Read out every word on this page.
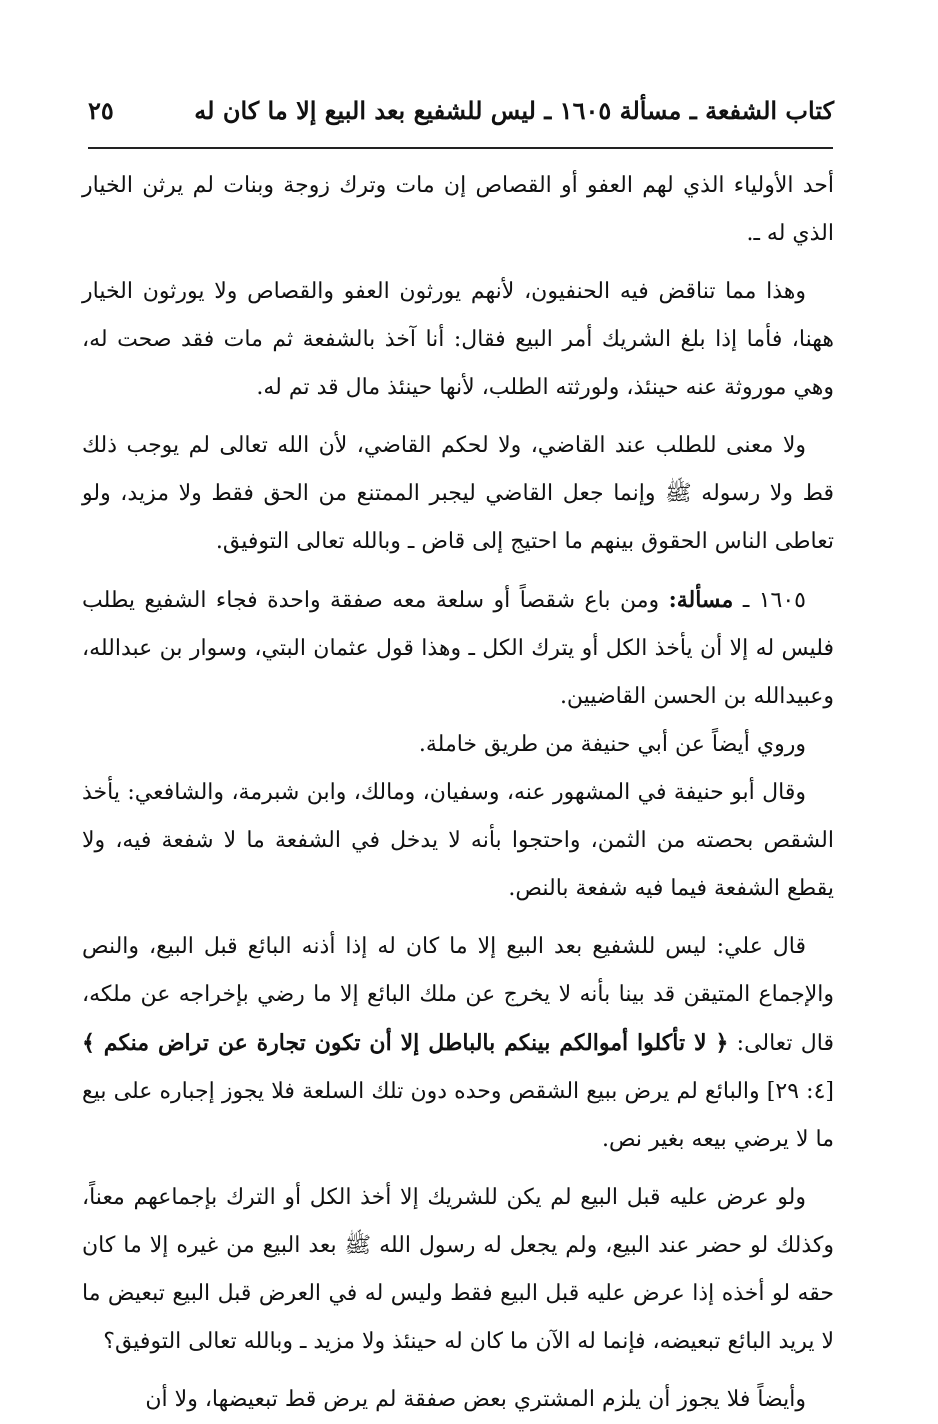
كتاب الشفعة ـ مسألة ١٦٠٥ ـ ليس للشفيع بعد البيع إلا ما كان له
٢٥

أحد الأولياء الذي لهم العفو أو القصاص إن مات وترك زوجة وبنات لم يرثن الخيار الذي له ـ.

وهذا مما تناقض فيه الحنفيون، لأنهم يورثون العفو والقصاص ولا يورثون الخيار ههنا، فأما إذا بلغ الشريك أمر البيع فقال: أنا آخذ بالشفعة ثم مات فقد صحت له، وهي موروثة عنه حينئذ، ولورثته الطلب، لأنها حينئذ مال قد تم له.

ولا معنى للطلب عند القاضي، ولا لحكم القاضي، لأن الله تعالى لم يوجب ذلك قط ولا رسوله ﷺ وإنما جعل القاضي ليجبر الممتنع من الحق فقط ولا مزيد، ولو تعاطى الناس الحقوق بينهم ما احتيج إلى قاض ـ وبالله تعالى التوفيق.

١٦٠٥ ـ مسألة: ومن باع شقصاً أو سلعة معه صفقة واحدة فجاء الشفيع يطلب فليس له إلا أن يأخذ الكل أو يترك الكل ـ وهذا قول عثمان البتي، وسوار بن عبدالله، وعبيدالله بن الحسن القاضيين.

وروي أيضاً عن أبي حنيفة من طريق خاملة.

وقال أبو حنيفة في المشهور عنه، وسفيان، ومالك، وابن شبرمة، والشافعي: يأخذ الشقص بحصته من الثمن، واحتجوا بأنه لا يدخل في الشفعة ما لا شفعة فيه، ولا يقطع الشفعة فيما فيه شفعة بالنص.

قال علي: ليس للشفيع بعد البيع إلا ما كان له إذا أذنه البائع قبل البيع، والنص والإجماع المتيقن قد بينا بأنه لا يخرج عن ملك البائع إلا ما رضي بإخراجه عن ملكه، قال تعالى: ﴿ لا تأكلوا أموالكم بينكم بالباطل إلا أن تكون تجارة عن تراض منكم ﴾ [٤: ٢٩] والبائع لم يرض ببيع الشقص وحده دون تلك السلعة فلا يجوز إجباره على بيع ما لا يرضي بيعه بغير نص.

ولو عرض عليه قبل البيع لم يكن للشريك إلا أخذ الكل أو الترك بإجماعهم معناً، وكذلك لو حضر عند البيع، ولم يجعل له رسول الله ﷺ بعد البيع من غيره إلا ما كان حقه لو أخذه إذا عرض عليه قبل البيع فقط وليس له في العرض قبل البيع تبعيض ما لا يريد البائع تبعيضه، فإنما له الآن ما كان له حينئذ ولا مزيد ـ وبالله تعالى التوفيق؟

وأيضاً فلا يجوز أن يلزم المشتري بعض صفقة لم يرض قط تبعيضها، ولا أن
